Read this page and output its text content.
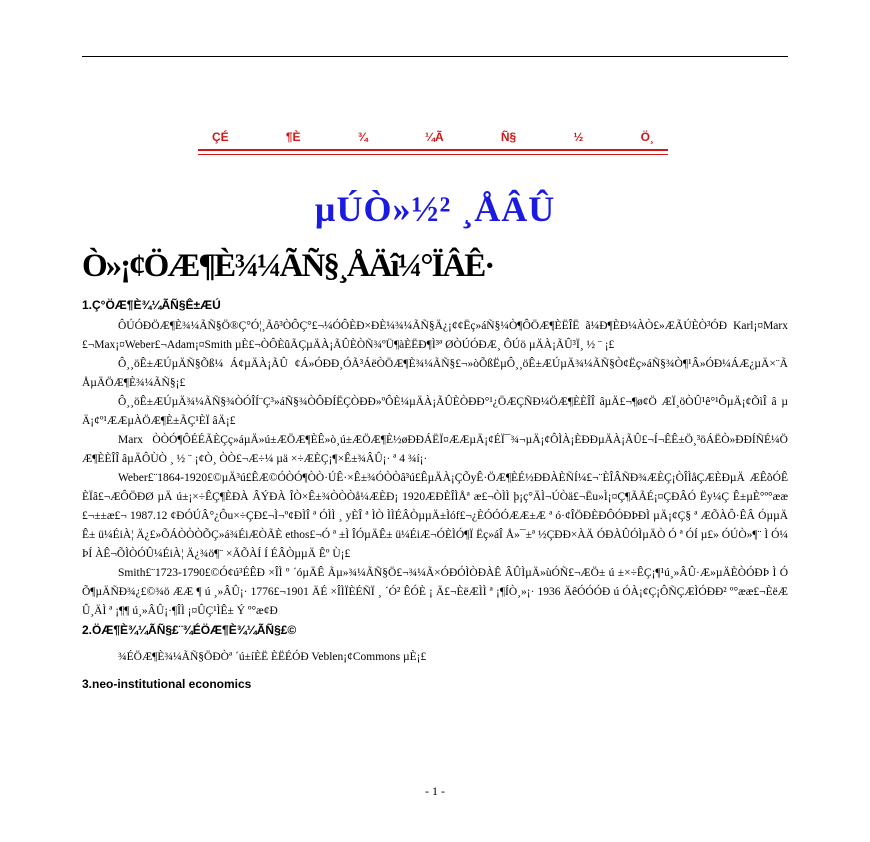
ÇÉ	¶È	¾	¼Ã	Ñ§	½	Ö¸
µÚÒ»½² ¸ÅÂÛ
Ò»¡¢ÖÆ¶È¾¼ÃÑ§¸ÅÄî¼°ÏÂÊ·
1.Ç°ÖÆ¶È¾¼ÃÑ§Ê±ÆÚ

ÔÚÓÐÖÆ¶È¾¼ÃÑ§Ö®Ç°Ó¦¸Ãô³ÒÔÇ°£¬¼ÓÔÈÐ×ÐÈ¼¾¼ÃÑ§Ä¿¡¢¢Ëç»áÑ§¼Ò¶ÔÖÆ¶ÈËÎË ã¼Ð¶ÈÐ¼ÀÒ£»ÆÃÚÈÒ³ÓÐ Karl¡¤Marx£¬Max¡¤Weber£¬Adam¡¤Smith µÈ£¬ÒÔÈûÃÇµÄÀ¡ÃÛÈÒÑ¾ºÜ¶àÈËÐ¶Ì³ª ØÒÚÓÐÆ¸ ÔÚö µÄÀ¡ÃÛ³Ï¸ ½ ¨ ¡£

Ô¸¸öÊ±ÆÚµÄÑ§Õß¼ Á¢µÄÀ¡ÃÛ ¢Á»ÓÐÐ¸ÓÃ³ÁëÒÖÆ¶È¾¼ÃÑ§£¬»òÕßËµÔ¸¸öÊ±ÆÚµÄ¾¼ÃÑ§Ò¢Ëç»áÑ§¾Ò¶¹Â»ÓÐ¼ÁÆ¿µÄ×¨ÃÅµÄÖÆ¶È¾¼ÃÑ§¡£

Ô¸¸öÊ±ÆÚµÄ¾¼ÃÑ§¾ÒÓÎÍ¨Ç³»áÑ§¾ÒÔÐÍËÇÒÐÐ»ºÔÈ¼µÄÀ¡ÃÛÈÒÐÐ°¹¿ÖÆÇÑÐ¼ÖÆ¶ÈÈÎÎ âµÄ£¬¶ø¢Ö ÆÏ¸öÒÛ¹ê°¹ÔµÄ¡¢ÕìÎ â µÄ¡¢º¹ÆÆµÀÖÆ¶È±ÃÇ¹ÈÏ âÄ¡£

Marx ÒÒÓ¶ÔÉÉÃÈÇç»áµÄ»ú±ÆÖÆ¶ÈÊ»ò¸ú±ÆÖÆ¶È½øÐÐÁËÏ¤ÆÆµÄ¡¢ÉÏ¯¾¬µÄ¡¢ÔÌÀ¡ÈÐÐµÄÀ¡ÃÛ£¬Í¬ÊÊ±Ö¸³öÁËÒ»ÐÐÍÑÉ¼ÖÆ¶ÈÈÎÎ âµÄÔÙÒ ¸ ½ ¨ ¡¢Ò¸ ÒÒ£¬Æ÷¼ µä ×÷ÆÈÇ¡¶×Ê±¾ÂÛ¡· ª 4 ¾í¡·

Weber£¨1864-1920£©µÄ³ú£ÊÆ©ÓÒÓ¶ÒÒ·ÚÊ·×Ê±¾ÓÒÒâ³ú£ÊµÄÀ¡ÇÕyÊ·ÖÆ¶ÈÉ½ÐÐÀÈÑÍ¼£¬¨ÈÎÂÑÐ¾ÆÈÇ¡ÒÎÌåÇÆÈÐµÄ ÆÊõÓÊÈÏâ£¬ÆÔÖÐØ µÄ ú±¡×÷ÊÇ¶ÈÐÀ ÂÝÐÀ ÎÒ×Ê±¾ÒÒÒå¼ÆÈÐ¡ 1920ÆÐÈÎÌÅª æ£¬ÒÌÌ þ¡ç°ÄÌ¬ÚÒä£¬Ëu»Ì¡¤Ç¶ÃÃÉ¡¤ÇÐÂÓ Ëy¼Ç Ê±µÈ°º°ææ£¬±±æ£¬ 1987.12 ¢ÐÓÚÂ°¿Ôu×÷ÇÐ£¬Ì¬º¢ÐÌÎ ª ÓÌÌ ¸ yÈÎ ª ÌÒ ÌÌÉÂÒµµÄ±Ìóf£¬¿ÈÓÓÓÆÆ±Æ ª ó·¢ÎÖÐÈÐÔÓÐÞÐÌ µÄ¡¢Ç§ ª ÆÕÀÔ·ÊÂ ÓµµÄÊ± ü¼ÉiÀ¦ Ä¿£»ÕÁÒÒÒÕÇ»á¾ÉiÆÒÃÈ ethos£¬Ó ª ±Ì ÎÓµÄÊ± ü¼ÉiÆ¬ÓÈÌÓ¶Ï Ëç»áÎ Å»¯±ª ½ÇÐÐ×ÀÄ ÓÐÀÛÓÌµÄÒ Ó ª ÓÍ µ£» ÓÚÒ»¶¨ Ì Ó¼ÞÍ ÀÊ¬ÕÌÒÓÛ¼ÉiÀ¦ Ä¿¾ö¶¨ ×ÃÕÀÍ Í ÉÂÒµµÄ Êº Ù¡£

Smith£¨1723-1790£©Ó¢ú³ÉÊÐ ×ÎÌ º ´óµÄÊ Ãµ»¾¼ÃÑ§Ö£¬¾¼Ã×ÓÐÓÌÒÐÀÊ ÂÛÌµÄ»ùÓÑ£¬ÆÖ± ú ±×÷ÊÇ¡¶¹ú¸»ÂÛ·Æ»µÄÈÒÓÐÞ Ì Ó Õ¶µÄÑÐ¾¿£©¾ö ÆÆ ¶ ú ¸»ÂÛ¡· 1776£¬1901 ÄÉ ×ÎÌÏÈÉÑÏ ¸ ´Ó² ÊÓÈ ¡ Ä£¬ÈëÆÌÌ ª ¡¶ÍÒ¸»¡· 1936 ÄêÓÓÓÐ ú ÓÀ¡¢Ç¡ÔÑÇÆÌÓÐÐ² º°ææ£¬ÈëÆÛ¸ÄÌ ª ¡¶¶ ú¸»ÂÛ¡·¶ÎÌ ¡¤ÛÇ¹ÌÊ± Ý º°æ¢Ð

2.ÖÆ¶È¾¼ÃÑ§£¨¾ÉÖÆ¶È¾¼ÃÑ§£©

¾ÉÖÆ¶È¾¼ÃÑ§ÖÐÒª ´ú±íÈË ÈËÉÓÐ Veblen¡¢Commons µÈ¡£

3.neo-institutional economics
- 1 -
